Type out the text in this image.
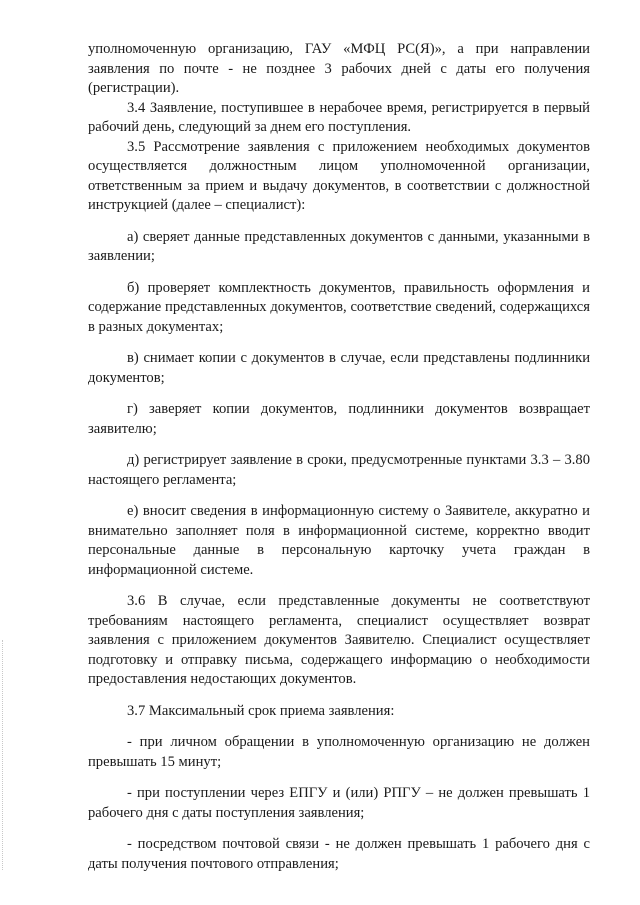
уполномоченную организацию, ГАУ «МФЦ РС(Я)», а при направлении заявления по почте - не позднее 3 рабочих дней с даты его получения (регистрации).

3.4 Заявление, поступившее в нерабочее время, регистрируется в первый рабочий день, следующий за днем его поступления.

3.5 Рассмотрение заявления с приложением необходимых документов осуществляется должностным лицом уполномоченной организации, ответственным за прием и выдачу документов, в соответствии с должностной инструкцией (далее – специалист):

а) сверяет данные представленных документов с данными, указанными в заявлении;

б) проверяет комплектность документов, правильность оформления и содержание представленных документов, соответствие сведений, содержащихся в разных документах;

в) снимает копии с документов в случае, если представлены подлинники документов;

г) заверяет копии документов, подлинники документов возвращает заявителю;

д) регистрирует заявление в сроки, предусмотренные пунктами 3.3 – 3.80 настоящего регламента;

е) вносит сведения в информационную систему о Заявителе, аккуратно и внимательно заполняет поля в информационной системе, корректно вводит персональные данные в персональную карточку учета граждан в информационной системе.

3.6 В случае, если представленные документы не соответствуют требованиям настоящего регламента, специалист осуществляет возврат заявления с приложением документов Заявителю. Специалист осуществляет подготовку и отправку письма, содержащего информацию о необходимости предоставления недостающих документов.

3.7 Максимальный срок приема заявления:

- при личном обращении в уполномоченную организацию не должен превышать 15 минут;

- при поступлении через ЕПГУ и (или) РПГУ – не должен превышать 1 рабочего дня с даты поступления заявления;

- посредством почтовой связи - не должен превышать 1 рабочего дня с даты получения почтового отправления;
